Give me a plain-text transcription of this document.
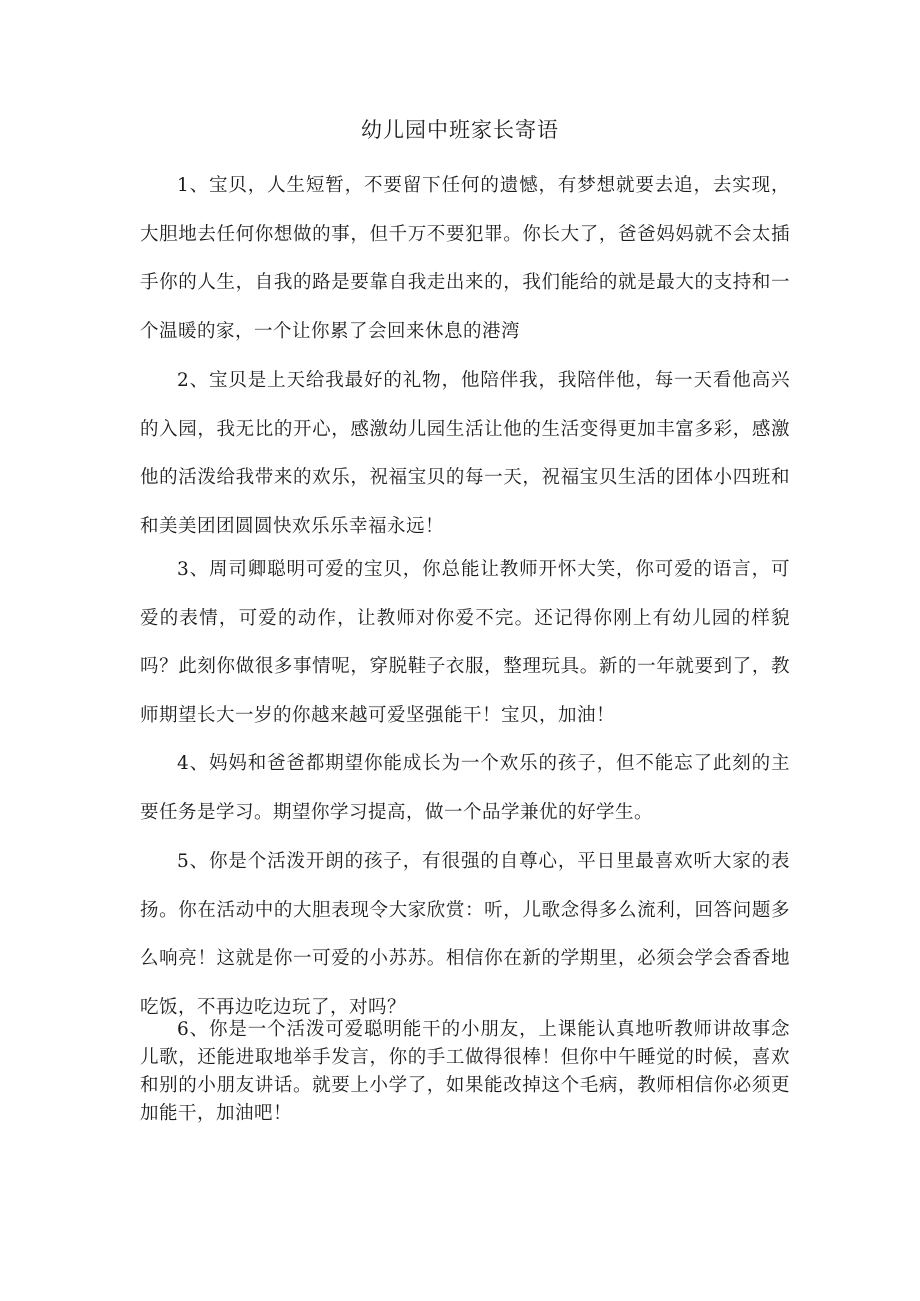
幼儿园中班家长寄语

1、宝贝，人生短暂，不要留下任何的遗憾，有梦想就要去追，去实现，大胆地去任何你想做的事，但千万不要犯罪。你长大了，爸爸妈妈就不会太插手你的人生，自我的路是要靠自我走出来的，我们能给的就是最大的支持和一个温暖的家，一个让你累了会回来休息的港湾

2、宝贝是上天给我最好的礼物，他陪伴我，我陪伴他，每一天看他高兴的入园，我无比的开心，感激幼儿园生活让他的生活变得更加丰富多彩，感激他的活泼给我带来的欢乐，祝福宝贝的每一天，祝福宝贝生活的团体小四班和和美美团团圆圆快欢乐乐幸福永远！

3、周司卿聪明可爱的宝贝，你总能让教师开怀大笑，你可爱的语言，可爱的表情，可爱的动作，让教师对你爱不完。还记得你刚上有幼儿园的样貌吗？此刻你做很多事情呢，穿脱鞋子衣服，整理玩具。新的一年就要到了，教师期望长大一岁的你越来越可爱坚强能干！宝贝，加油！

4、妈妈和爸爸都期望你能成长为一个欢乐的孩子，但不能忘了此刻的主要任务是学习。期望你学习提高，做一个品学兼优的好学生。

5、你是个活泼开朗的孩子，有很强的自尊心，平日里最喜欢听大家的表扬。你在活动中的大胆表现令大家欣赏：听，儿歌念得多么流利，回答问题多么响亮！这就是你一可爱的小苏苏。相信你在新的学期里，必须会学会香香地吃饭，不再边吃边玩了，对吗？

6、你是一个活泼可爱聪明能干的小朋友，上课能认真地听教师讲故事念儿歌，还能进取地举手发言，你的手工做得很棒！但你中午睡觉的时候，喜欢和别的小朋友讲话。就要上小学了，如果能改掉这个毛病，教师相信你必须更加能干，加油吧！
